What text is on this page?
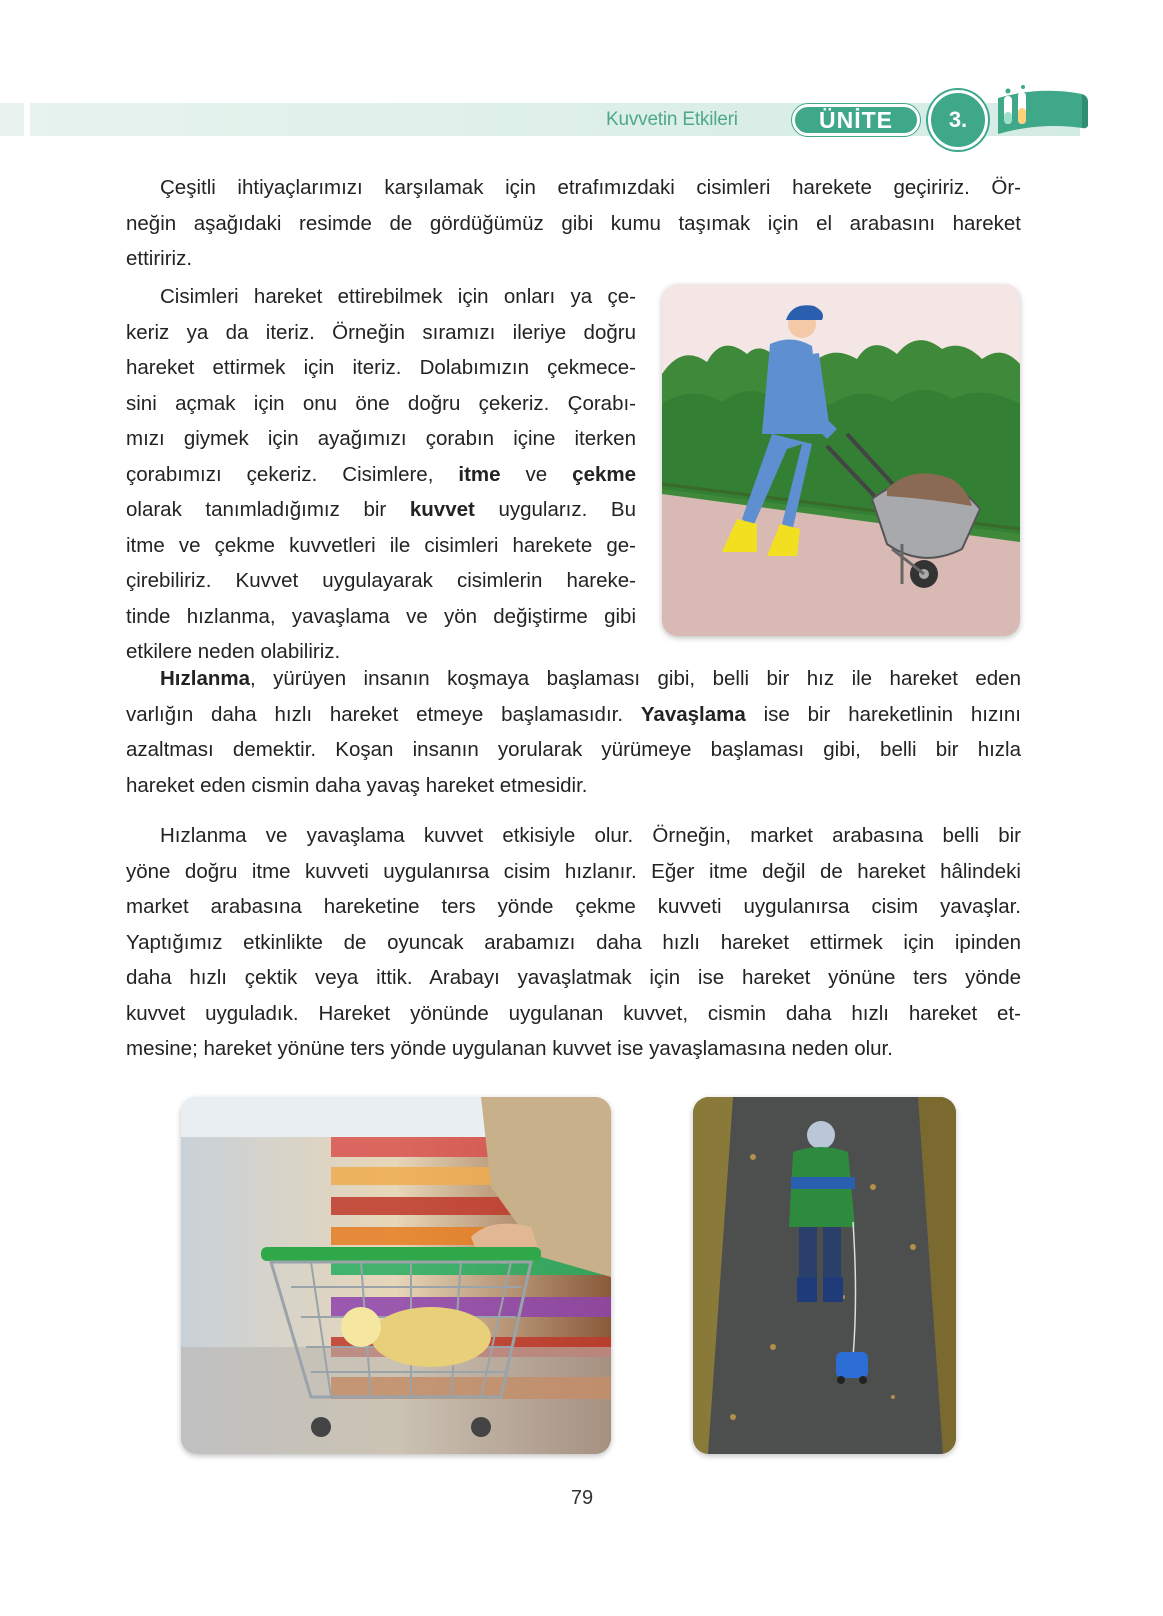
Kuvvetin Etkileri	ÜNİTE	3.
Çeşitli ihtiyaçlarımızı karşılamak için etrafımızdaki cisimleri harekete geçiririz. Ör-
neğin aşağıdaki resimde de gördüğümüz gibi kumu taşımak için el arabasını hareket
ettiririz.
Cisimleri hareket ettirebilmek için onları ya çe-
keriz ya da iteriz. Örneğin sıramızı ileriye doğru
hareket ettirmek için iteriz. Dolabımızın çekmece-
sini açmak için onu öne doğru çekeriz. Çorabı-
mızı giymek için ayağımızı çorabın içine iterken
çorabımızı çekeriz. Cisimlere, itme ve çekme
olarak tanımladığımız bir kuvvet uygularız. Bu
itme ve çekme kuvvetleri ile cisimleri harekete ge-
çirebiliriz. Kuvvet uygulayarak cisimlerin hareke-
tinde hızlanma, yavaşlama ve yön değiştirme gibi
etkilere neden olabiliriz.
Hızlanma, yürüyen insanın koşmaya başlaması gibi, belli bir hız ile hareket eden
varlığın daha hızlı hareket etmeye başlamasıdır. Yavaşlama ise bir hareketlinin hızını
azaltması demektir. Koşan insanın yorularak yürümeye başlaması gibi, belli bir hızla
hareket eden cismin daha yavaş hareket etmesidir.
Hızlanma ve yavaşlama kuvvet etkisiyle olur. Örneğin, market arabasına belli bir
yöne doğru itme kuvveti uygulanırsa cisim hızlanır. Eğer itme değil de hareket hâlindeki
market arabasına hareketine ters yönde çekme kuvveti uygulanırsa cisim yavaşlar.
Yaptığımız etkinlikte de oyuncak arabamızı daha hızlı hareket ettirmek için ipinden
daha hızlı çektik veya ittik. Arabayı yavaşlatmak için ise hareket yönüne ters yönde
kuvvet uyguladık. Hareket yönünde uygulanan kuvvet, cismin daha hızlı hareket et-
mesine; hareket yönüne ters yönde uygulanan kuvvet ise yavaşlamasına neden olur.
79
